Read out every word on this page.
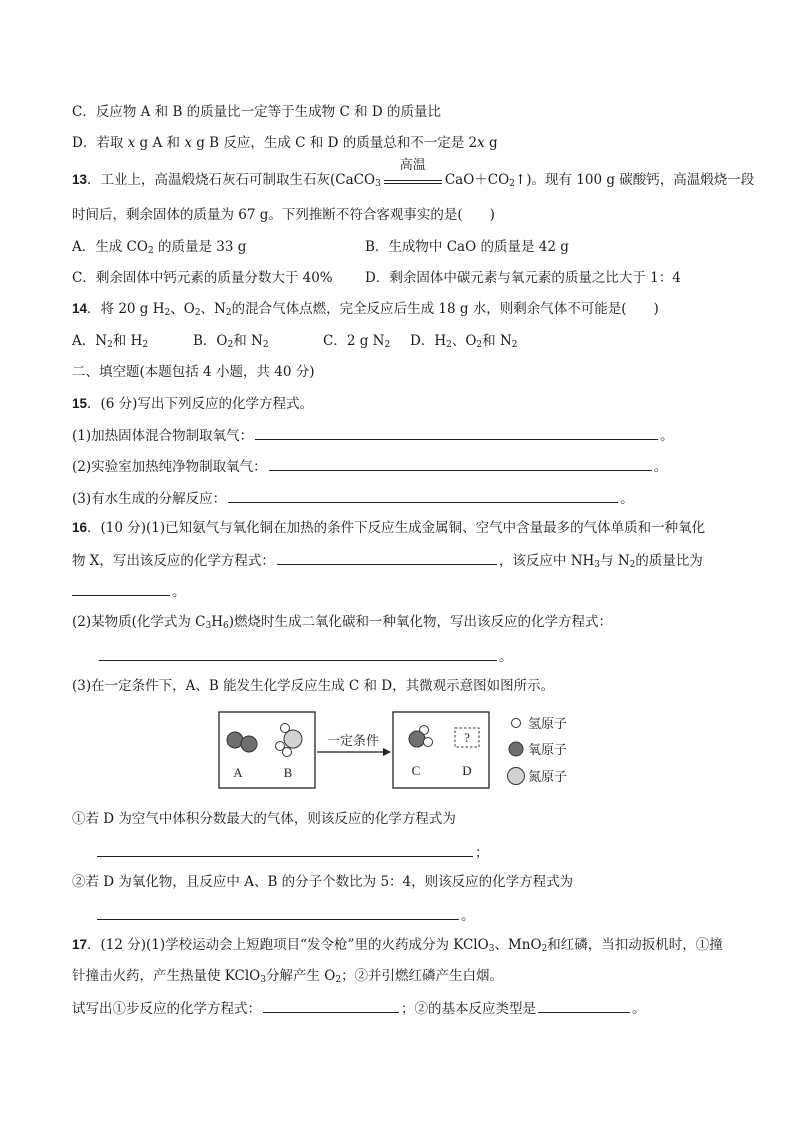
C．反应物 A 和 B 的质量比一定等于生成物 C 和 D 的质量比
D．若取 x g A 和 x g B 反应，生成 C 和 D 的质量总和不一定是 2x g
13．工业上，高温煅烧石灰石可制取生石灰(CaCO$_3$
高温
$CaO+CO_2↑$)。现有 100 g 碳酸钙，高温煅烧一段
时间后，剩余固体的质量为 67 g。下列推断不符合客观事实的是(　　)
A．生成 $CO_2$ 的质量是 33 g	B．生成物中 CaO 的质量是 42 g
C．剩余固体中钙元素的质量分数大于 40% D．剩余固体中碳元素与氧元素的质量之比大于 1：4
14．将 20 g $H_2$、$O_2$、$N_2$的混合气体点燃，完全反应后生成 18 g 水，则剩余气体不可能是(　　)
A．$N_2$和 $H_2$	B．$O_2$和 $N_2$	C．2 g $N_2$ D．$H_2$、$O_2$和 $N_2$
二、填空题(本题包括 4 小题，共 40 分)
15．(6 分)写出下列反应的化学方程式。
(1)加热固体混合物制取氧气：	。
(2)实验室加热纯净物制取氧气：	。
(3)有水生成的分解反应：	。
16．(10 分)(1)已知氨气与氧化铜在加热的条件下反应生成金属铜、空气中含量最多的气体单质和一种氧化
物 X，写出该反应的化学方程式：	，该反应中 $NH_3$与 $N_2$的质量比为
。
(2)某物质(化学式为 $C_3H_6$)燃烧时生成二氧化碳和一种氧化物，写出该反应的化学方程式：
。
(3)在一定条件下，A、B 能发生化学反应生成 C 和 D，其微观示意图如图所示。
A	B
一定条件	?
C	D
氢原子
氧原子
氮原子
①若 D 为空气中体积分数最大的气体，则该反应的化学方程式为
；
②若 D 为氧化物，且反应中 A、B 的分子个数比为 5：4，则该反应的化学方程式为
。
17．(12 分)(1)学校运动会上短跑项目“发令枪”里的火药成分为 KClO$_3$、MnO$_2$和红磷，当扣动扳机时，①撞
针撞击火药，产生热量使 KClO$_3$分解产生 $O_2$；②并引燃红磷产生白烟。
试写出①步反应的化学方程式：	；②的基本反应类型是	。
